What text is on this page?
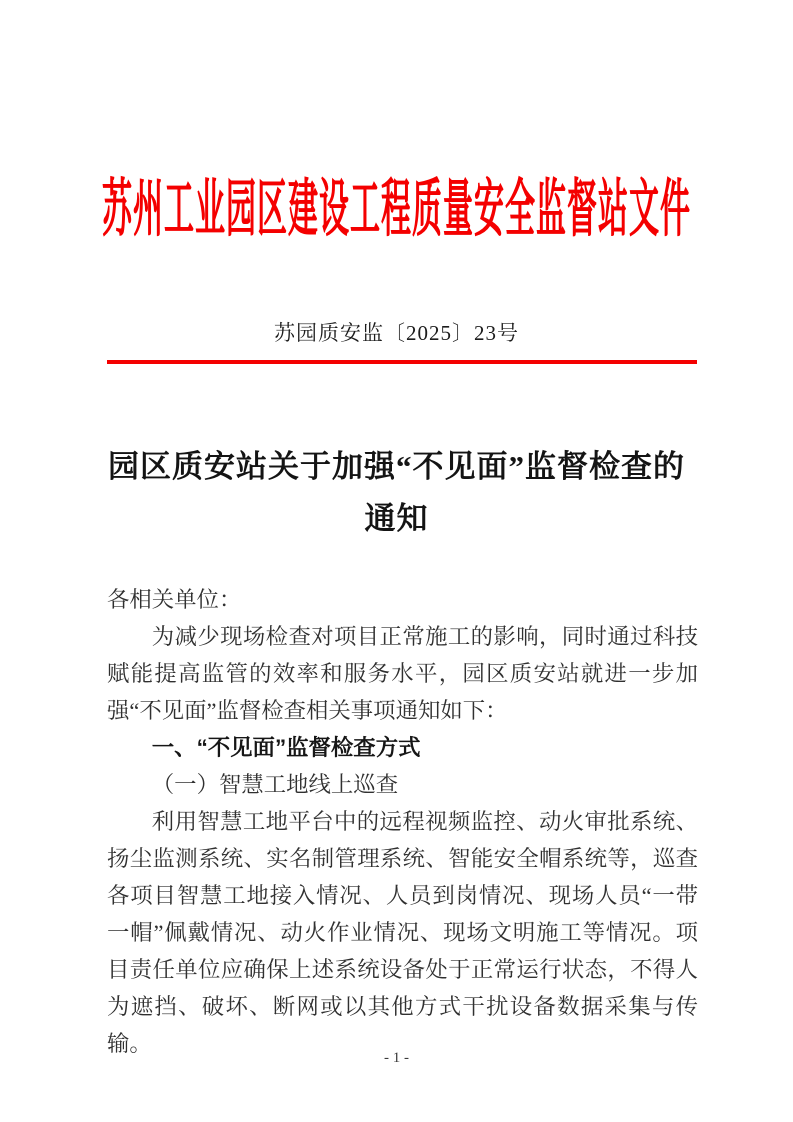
苏州工业园区建设工程质量安全监督站文件
苏园质安监〔2025〕23号
园区质安站关于加强“不见面”监督检查的
通知

各相关单位：

为减少现场检查对项目正常施工的影响，同时通过科技赋能提高监管的效率和服务水平，园区质安站就进一步加强“不见面”监督检查相关事项通知如下：

一、“不见面”监督检查方式

（一）智慧工地线上巡查

利用智慧工地平台中的远程视频监控、动火审批系统、扬尘监测系统、实名制管理系统、智能安全帽系统等，巡查各项目智慧工地接入情况、人员到岗情况、现场人员“一带一帽”佩戴情况、动火作业情况、现场文明施工等情况。项目责任单位应确保上述系统设备处于正常运行状态，不得人为遮挡、破坏、断网或以其他方式干扰设备数据采集与传输。

- 1 -
